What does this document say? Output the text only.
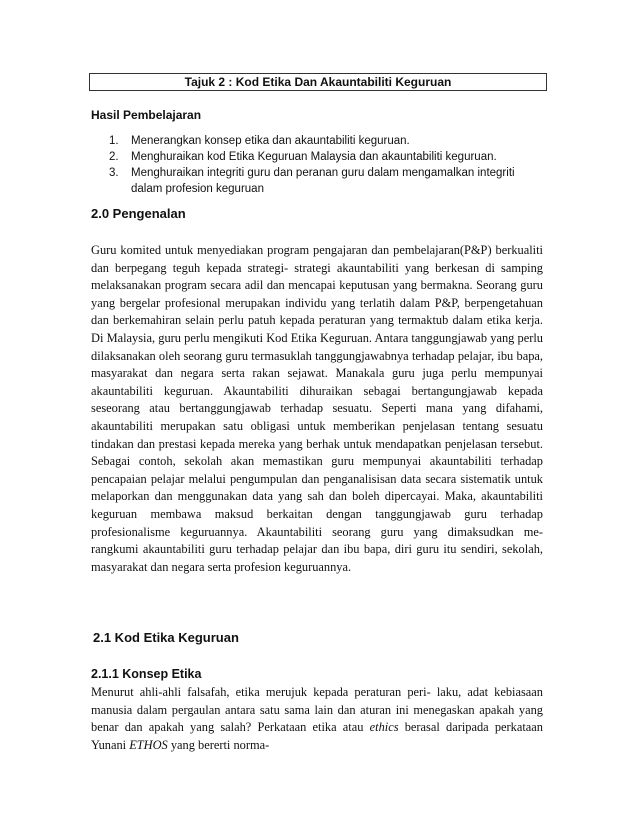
Tajuk 2 : Kod Etika Dan Akauntabiliti Keguruan
Hasil Pembelajaran
1. Menerangkan konsep etika dan akauntabiliti keguruan.
2. Menghuraikan kod Etika Keguruan Malaysia dan akauntabiliti keguruan.
3. Menghuraikan integriti guru dan peranan guru dalam mengamalkan integriti dalam profesion keguruan
2.0 Pengenalan

Guru komited untuk menyediakan program pengajaran dan pembelajaran(P&P) berkualiti dan berpegang teguh kepada strategi- strategi akauntabiliti yang berkesan di samping melaksanakan program secara adil dan mencapai keputusan yang bermakna. Seorang guru yang bergelar profesional merupakan individu yang terlatih dalam P&P, berpengetahuan dan berkemahiran selain perlu patuh kepada peraturan yang termaktub dalam etika kerja. Di Malaysia, guru perlu mengikuti Kod Etika Keguruan. Antara tanggungjawab yang perlu dilaksanakan oleh seorang guru termasuklah tanggungjawabnya terhadap pelajar, ibu bapa, masyarakat dan negara serta rakan sejawat. Manakala guru juga perlu mempunyai akauntabiliti keguruan. Akauntabiliti dihuraikan sebagai bertangungjawab kepada seseorang atau bertanggungjawab terhadap sesuatu. Seperti mana yang difahami, akauntabiliti merupakan satu obligasi untuk memberikan penjelasan tentang sesuatu tindakan dan prestasi kepada mereka yang berhak untuk mendapatkan penjelasan tersebut. Sebagai contoh, sekolah akan memastikan guru mempunyai akauntabiliti terhadap pencapaian pelajar melalui pengumpulan dan penganalisisan data secara sistematik untuk melaporkan dan menggunakan data yang sah dan boleh dipercayai. Maka, akauntabiliti keguruan membawa maksud berkaitan dengan tanggungjawab guru terhadap profesionalisme keguruannya. Akauntabiliti seorang guru yang dimaksudkan me- rangkumi akauntabiliti guru terhadap pelajar dan ibu bapa, diri guru itu sendiri, sekolah, masyarakat dan negara serta profesion keguruannya.

2.1 Kod Etika Keguruan
2.1.1 Konsep Etika

Menurut ahli-ahli falsafah, etika merujuk kepada peraturan peri- laku, adat kebiasaan manusia dalam pergaulan antara satu sama lain dan aturan ini menegaskan apakah yang benar dan apakah yang salah? Perkataan etika atau ethics berasal daripada perkataan Yunani ETHOS yang bererti norma-
